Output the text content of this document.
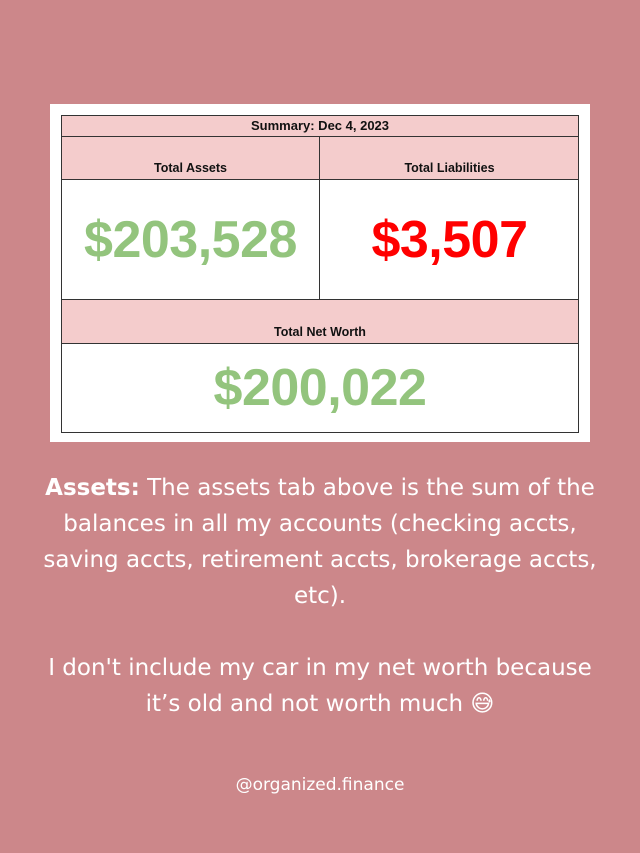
Summary: Dec 4, 2023
Total Assets	Total Liabilities
$203,528	$3,507
Total Net Worth
$200,022

Assets: The assets tab above is the sum of the balances in all my accounts (checking accts, saving accts, retirement accts, brokerage accts, etc).

I don't include my car in my net worth because it’s old and not worth much 😅

@organized.finance
